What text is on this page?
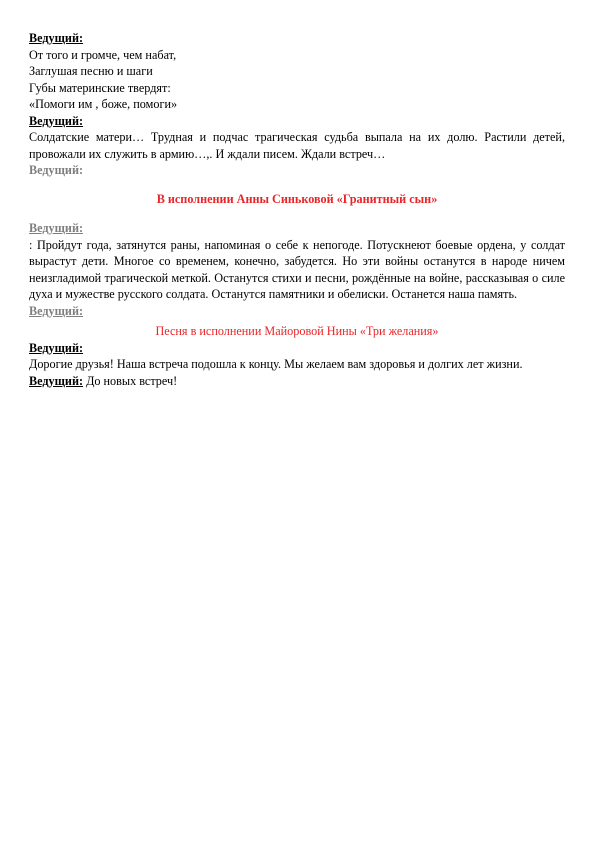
Ведущий:
От того и громче, чем набат,
Заглушая песню и шаги
Губы материнские твердят:
«Помоги им , боже, помоги»
Ведущий:
Солдатские матери… Трудная и подчас трагическая судьба выпала на их долю. Растили детей, провожали их служить в армию…,. И ждали писем. Ждали встреч…
Ведущий:
В исполнении Анны Синьковой «Гранитный сын»
Ведущий:
: Пройдут года, затянутся раны, напоминая о себе к непогоде. Потускнеют боевые ордена, у солдат вырастут дети. Многое со временем, конечно, забудется. Но эти войны останутся в народе ничем неизгладимой трагической меткой. Останутся стихи и песни, рождённые на войне, рассказывая о силе духа и мужестве русского солдата. Останутся памятники и обелиски. Останется наша память.
Ведущий:
Песня в исполнении Майоровой Нины «Три желания»
Ведущий:
Дорогие друзья! Наша встреча подошла к концу. Мы желаем вам здоровья и долгих лет жизни.
Ведущий: До новых встреч!
